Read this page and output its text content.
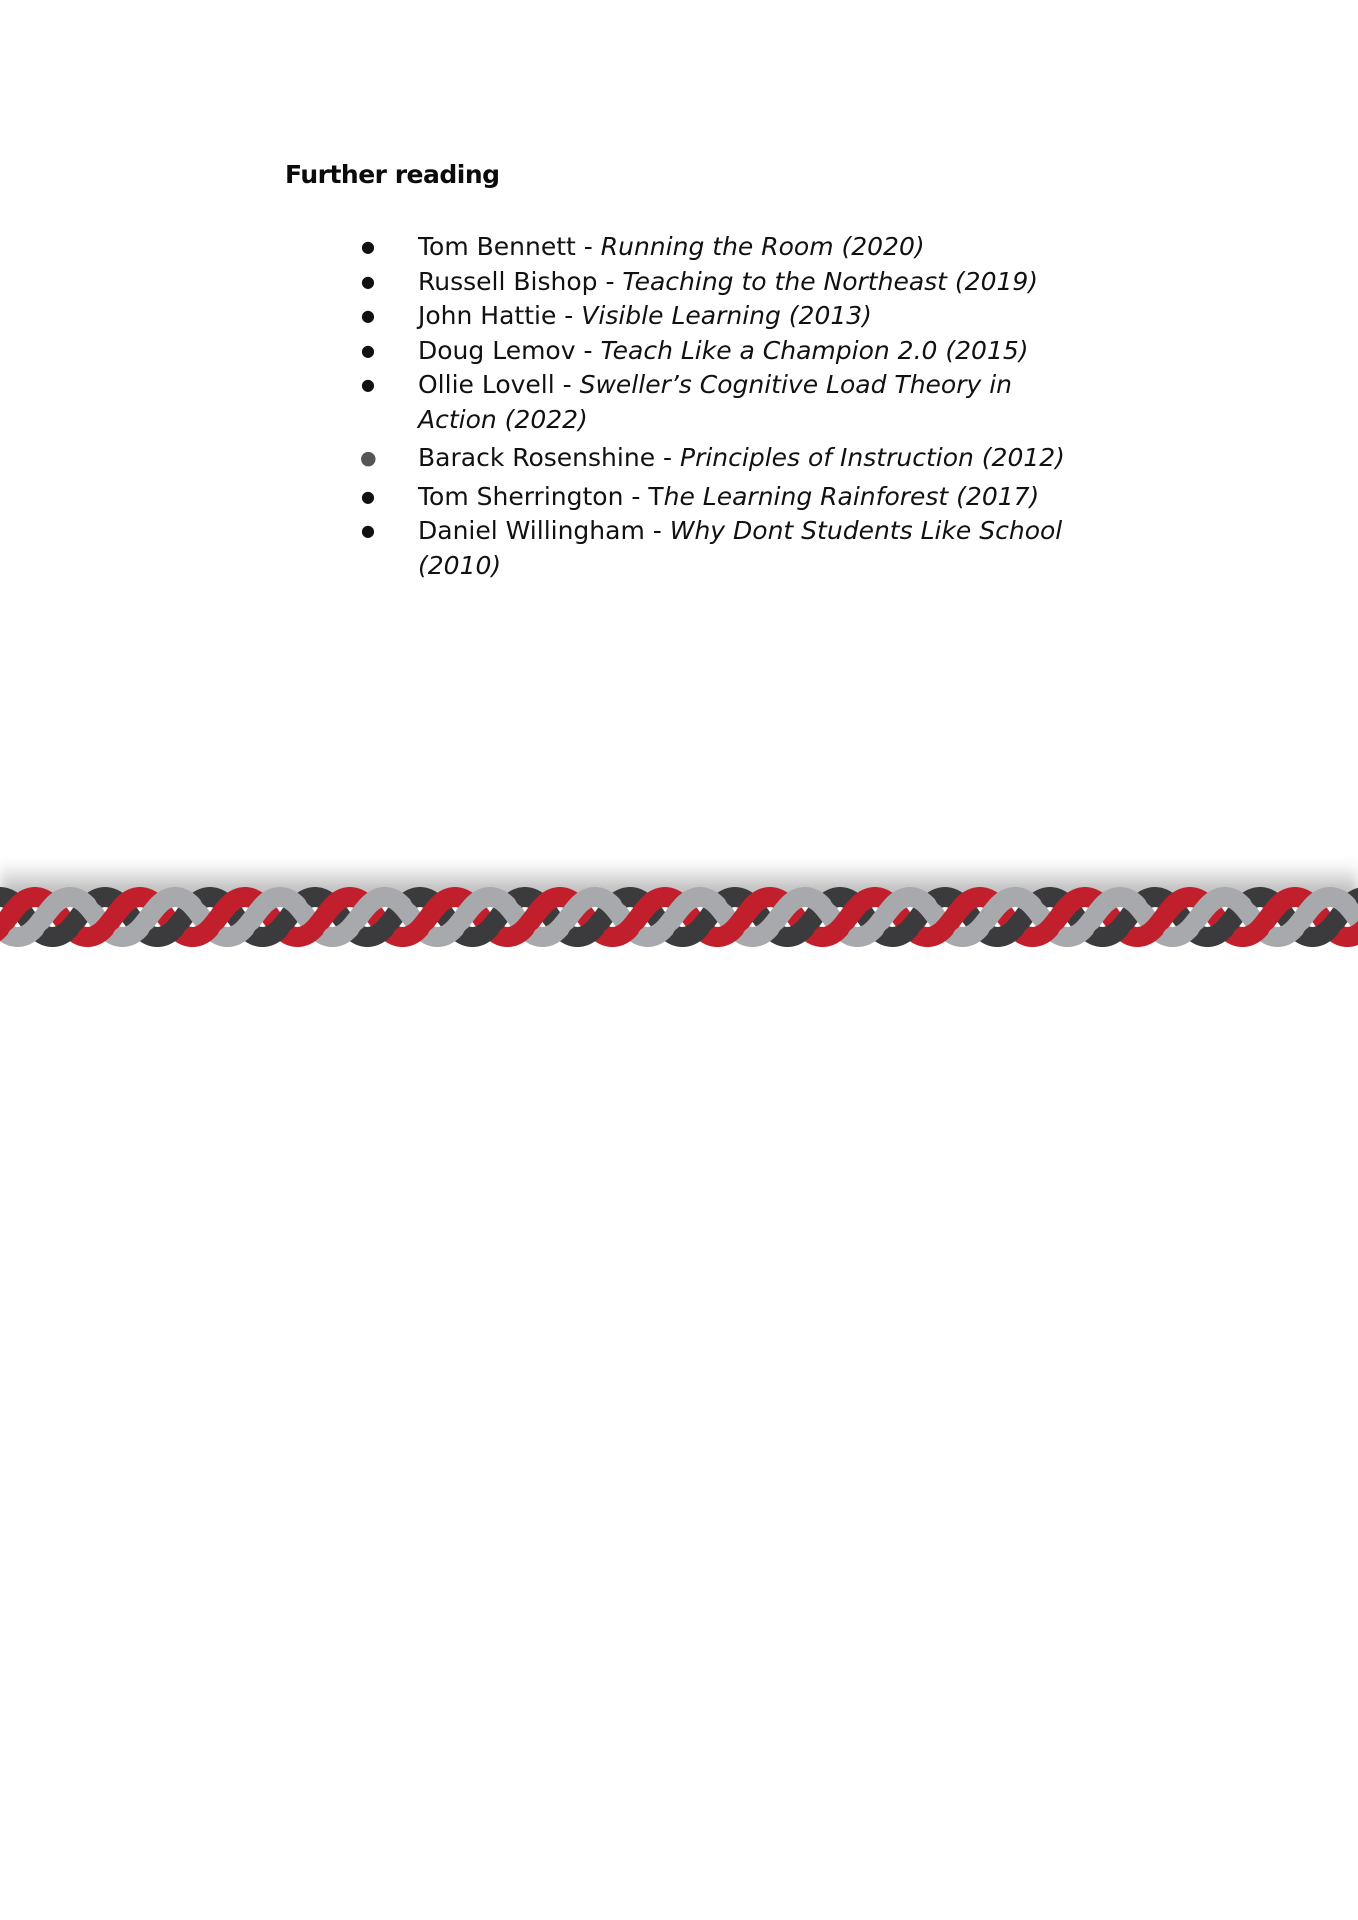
Further reading
● Tom Bennett - Running the Room (2020)
● Russell Bishop - Teaching to the Northeast (2019)
● John Hattie - Visible Learning (2013)
● Doug Lemov - Teach Like a Champion 2.0 (2015)
● Ollie Lovell - Sweller’s Cognitive Load Theory in Action (2022)
● Barack Rosenshine - Principles of Instruction (2012)
● Tom Sherrington - The Learning Rainforest (2017)
● Daniel Willingham - Why Dont Students Like School (2010)
